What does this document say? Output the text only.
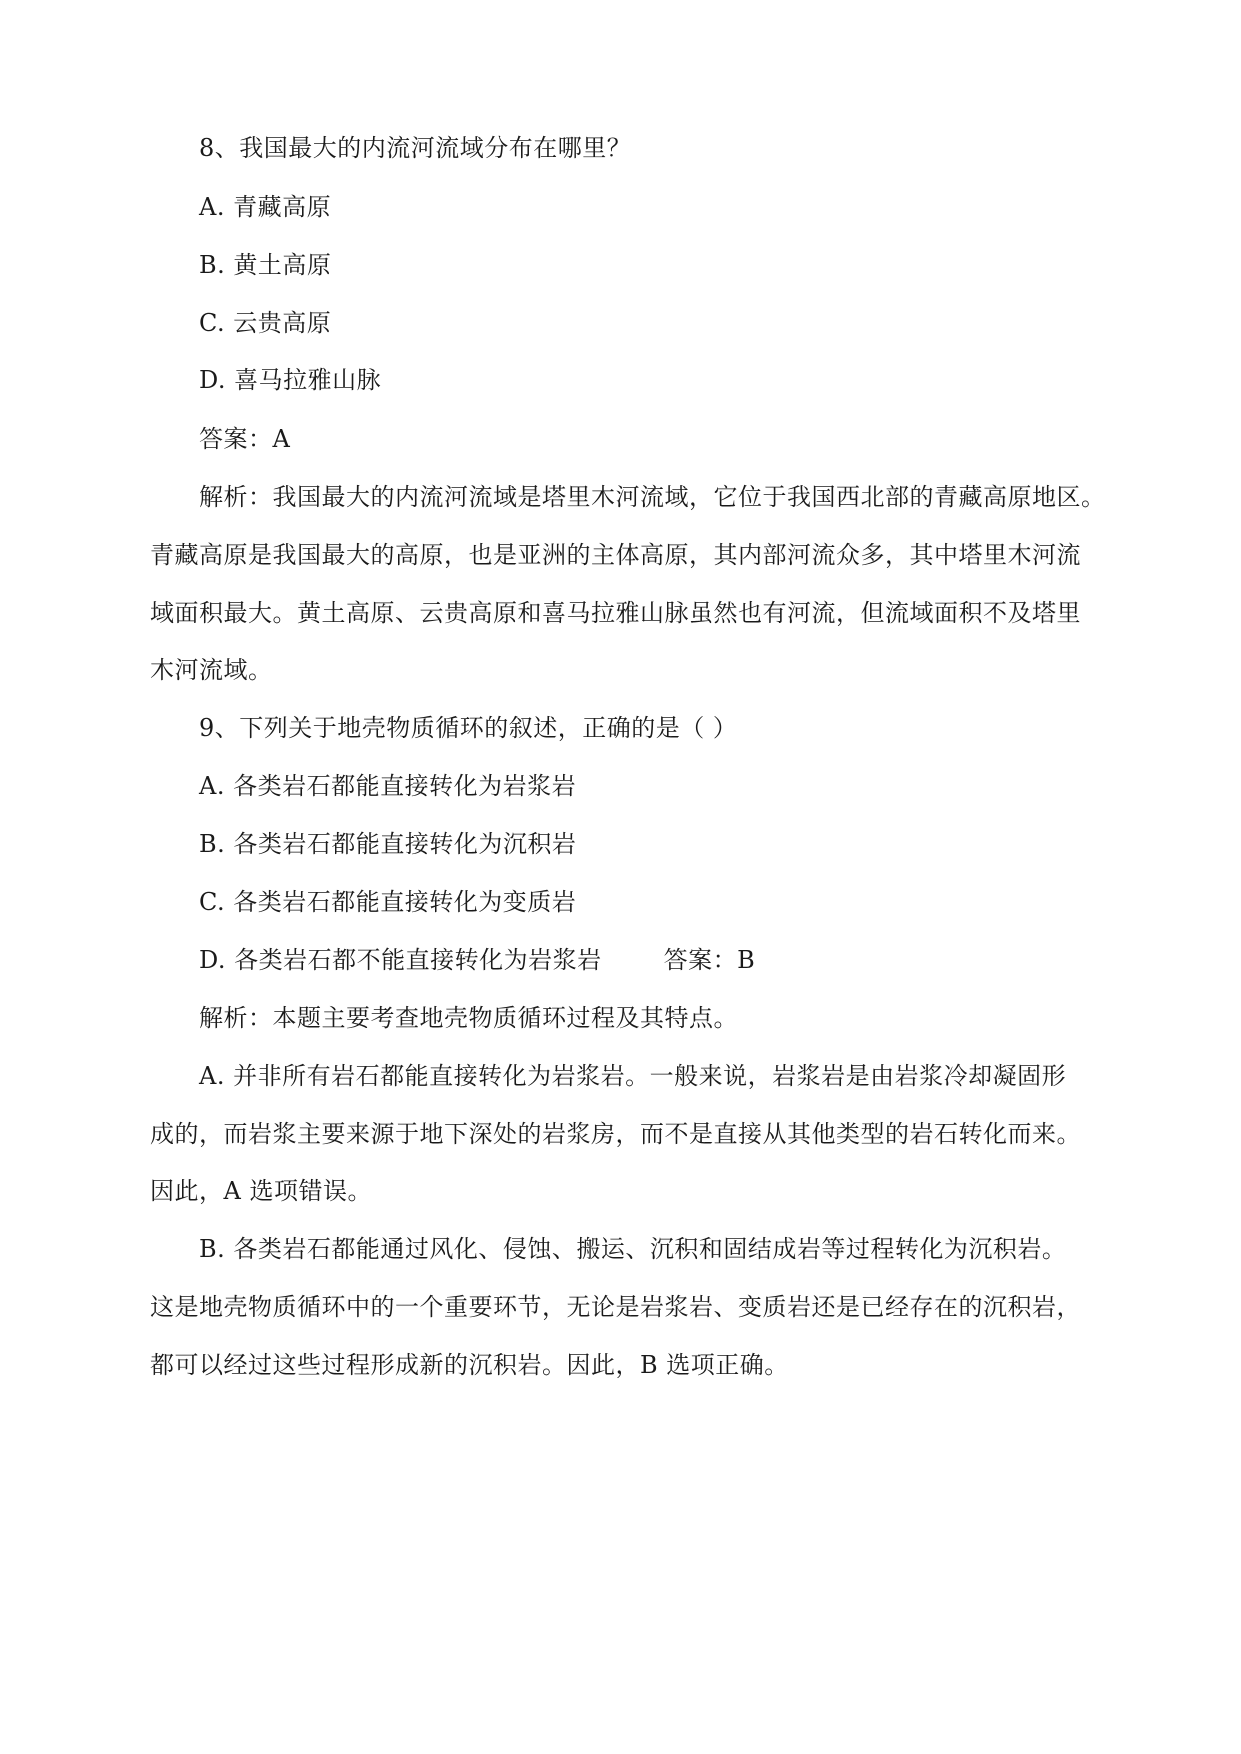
8、我国最大的内流河流域分布在哪里？
A. 青藏高原
B. 黄土高原
C. 云贵高原
D. 喜马拉雅山脉
答案：A
解析：我国最大的内流河流域是塔里木河流域，它位于我国西北部的青藏高原地区。
青藏高原是我国最大的高原，也是亚洲的主体高原，其内部河流众多，其中塔里木河流
域面积最大。黄土高原、云贵高原和喜马拉雅山脉虽然也有河流，但流域面积不及塔里
木河流域。
9、下列关于地壳物质循环的叙述，正确的是（ ）
A. 各类岩石都能直接转化为岩浆岩
B. 各类岩石都能直接转化为沉积岩
C. 各类岩石都能直接转化为变质岩
D. 各类岩石都不能直接转化为岩浆岩	答案：B
解析：本题主要考查地壳物质循环过程及其特点。
A. 并非所有岩石都能直接转化为岩浆岩。一般来说，岩浆岩是由岩浆冷却凝固形
成的，而岩浆主要来源于地下深处的岩浆房，而不是直接从其他类型的岩石转化而来。
因此，A 选项错误。
B. 各类岩石都能通过风化、侵蚀、搬运、沉积和固结成岩等过程转化为沉积岩。
这是地壳物质循环中的一个重要环节，无论是岩浆岩、变质岩还是已经存在的沉积岩，
都可以经过这些过程形成新的沉积岩。因此，B 选项正确。
